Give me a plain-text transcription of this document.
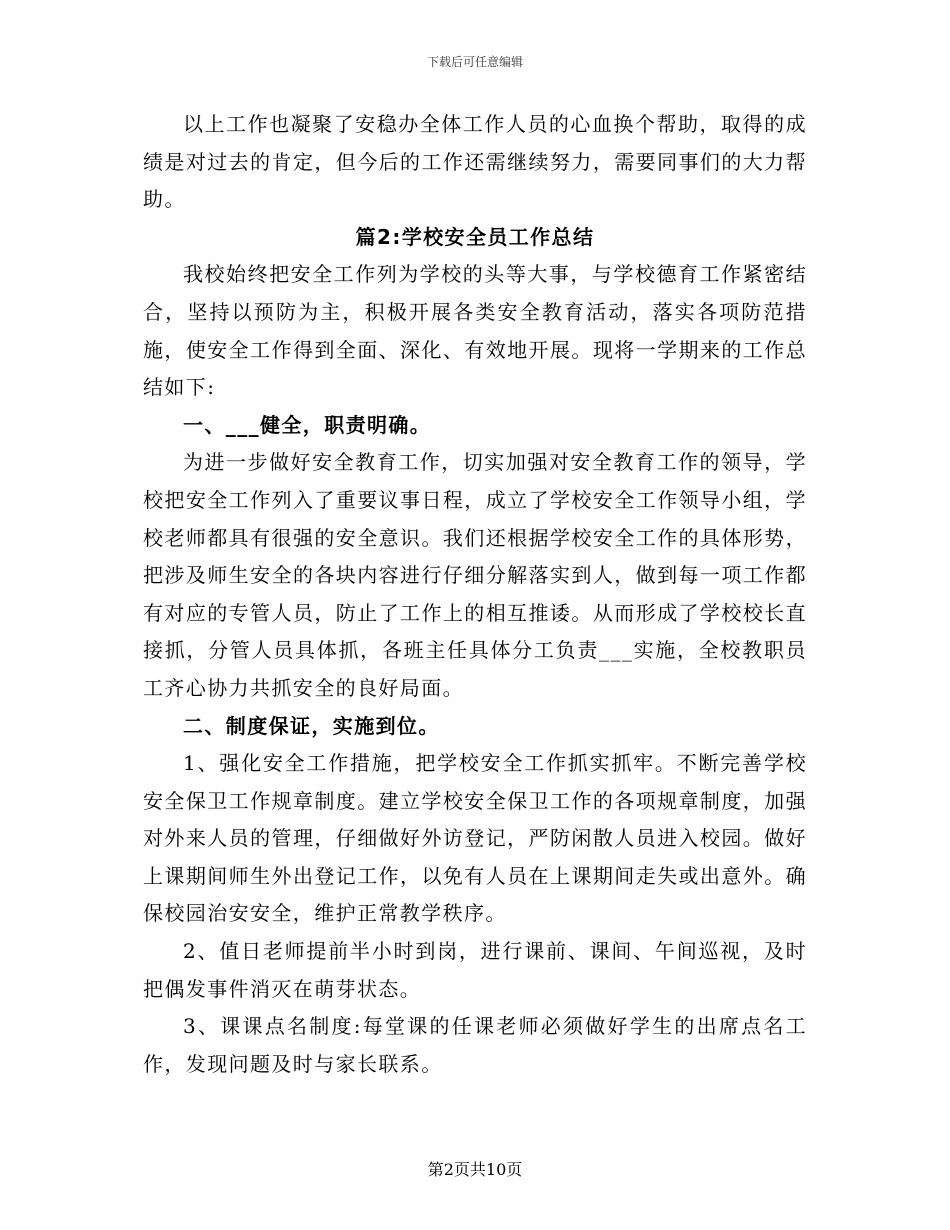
下载后可任意编辑

以上工作也凝聚了安稳办全体工作人员的心血换个帮助，取得的成绩是对过去的肯定，但今后的工作还需继续努力，需要同事们的大力帮助。

篇2:学校安全员工作总结

我校始终把安全工作列为学校的头等大事，与学校德育工作紧密结合，坚持以预防为主，积极开展各类安全教育活动，落实各项防范措施，使安全工作得到全面、深化、有效地开展。现将一学期来的工作总结如下:

一、___健全，职责明确。

为进一步做好安全教育工作，切实加强对安全教育工作的领导，学校把安全工作列入了重要议事日程，成立了学校安全工作领导小组，学校老师都具有很强的安全意识。我们还根据学校安全工作的具体形势，把涉及师生安全的各块内容进行仔细分解落实到人，做到每一项工作都有对应的专管人员，防止了工作上的相互推诿。从而形成了学校校长直接抓，分管人员具体抓，各班主任具体分工负责___实施，全校教职员工齐心协力共抓安全的良好局面。

二、制度保证，实施到位。

1、强化安全工作措施，把学校安全工作抓实抓牢。不断完善学校安全保卫工作规章制度。建立学校安全保卫工作的各项规章制度，加强对外来人员的管理，仔细做好外访登记，严防闲散人员进入校园。做好上课期间师生外出登记工作，以免有人员在上课期间走失或出意外。确保校园治安安全，维护正常教学秩序。

2、值日老师提前半小时到岗，进行课前、课间、午间巡视，及时把偶发事件消灭在萌芽状态。

3、课课点名制度:每堂课的任课老师必须做好学生的出席点名工作，发现问题及时与家长联系。

第2页共10页
